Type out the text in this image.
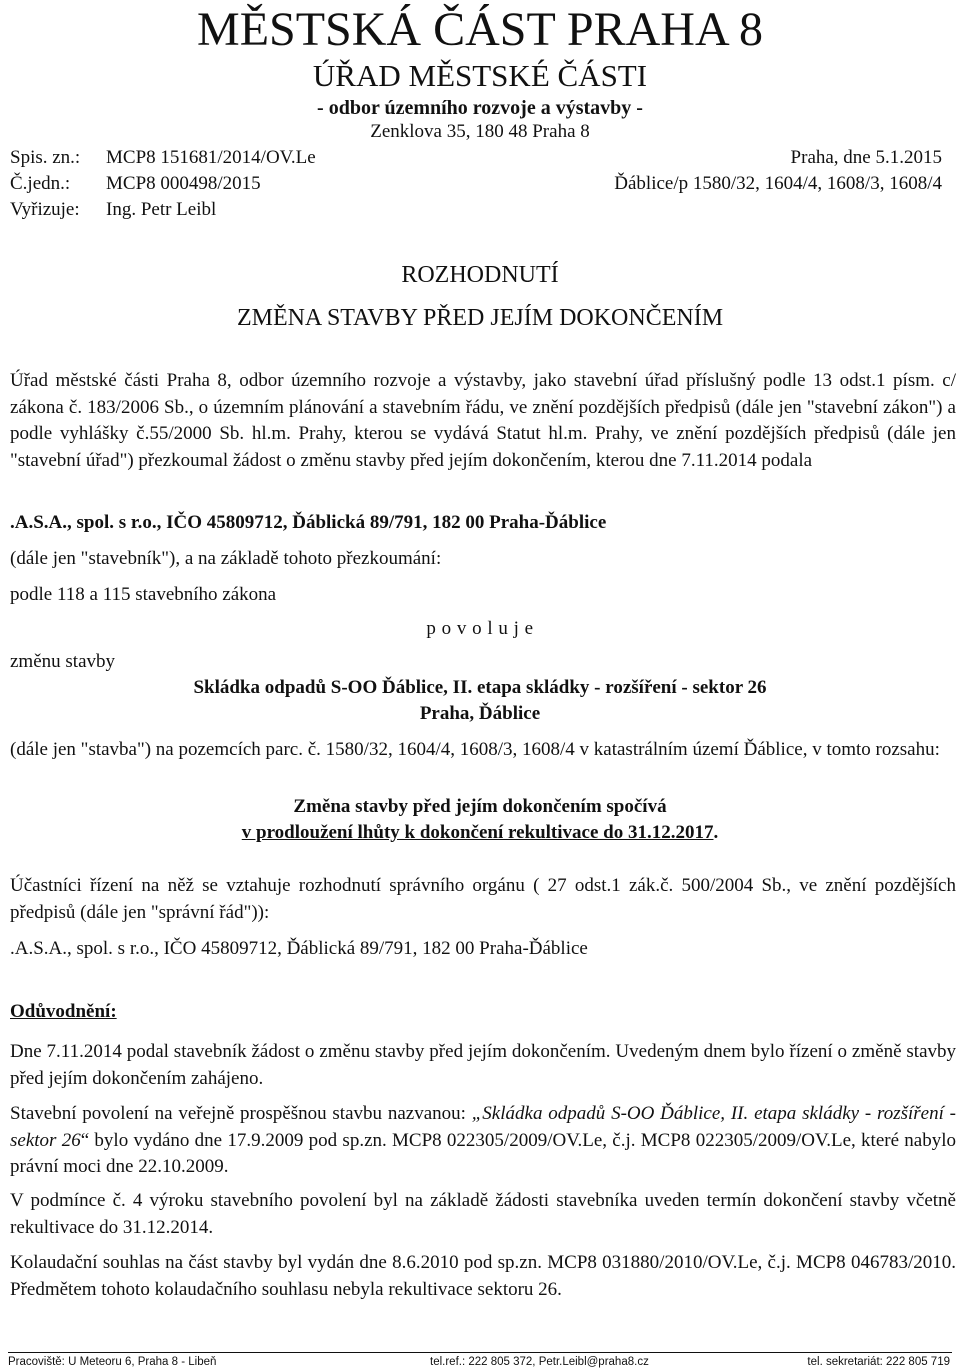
MĚSTSKÁ ČÁST PRAHA 8
ÚŘAD MĚSTSKÉ ČÁSTI
- odbor územního rozvoje a výstavby -
Zenklova 35, 180 48 Praha 8
Spis. zn.: MCP8 151681/2014/OV.Le	Praha, dne 5.1.2015
Č.jedn.: MCP8 000498/2015	Ďáblice/p 1580/32, 1604/4, 1608/3, 1608/4
Vyřizuje: Ing. Petr Leibl
ROZHODNUTÍ
ZMĚNA STAVBY PŘED JEJÍM DOKONČENÍM
Úřad městské části Praha 8, odbor územního rozvoje a výstavby, jako stavební úřad příslušný podle 13 odst.1 písm. c/ zákona č. 183/2006 Sb., o územním plánování a stavebním řádu, ve znění pozdějších předpisů (dále jen "stavební zákon") a podle vyhlášky č.55/2000 Sb. hl.m. Prahy, kterou se vydává Statut hl.m. Prahy, ve znění pozdějších předpisů (dále jen "stavební úřad") přezkoumal žádost o změnu stavby před jejím dokončením, kterou dne 7.11.2014 podala
.A.S.A., spol. s r.o., IČO 45809712, Ďáblická 89/791, 182 00 Praha-Ďáblice
(dále jen "stavebník"), a na základě tohoto přezkoumání:
podle 118 a 115 stavebního zákona
p o v o l u j e
změnu stavby
Skládka odpadů S-OO Ďáblice, II. etapa skládky - rozšíření - sektor 26
Praha, Ďáblice
(dále jen "stavba") na pozemcích parc. č. 1580/32, 1604/4, 1608/3, 1608/4 v katastrálním území Ďáblice, v tomto rozsahu:
Změna stavby před jejím dokončením spočívá
v prodloužení lhůty k dokončení rekultivace do 31.12.2017.
Účastníci řízení na něž se vztahuje rozhodnutí správního orgánu ( 27 odst.1 zák.č. 500/2004 Sb., ve znění pozdějších předpisů (dále jen "správní řád")):
.A.S.A., spol. s r.o., IČO 45809712, Ďáblická 89/791, 182 00 Praha-Ďáblice
Odůvodnění:
Dne 7.11.2014 podal stavebník žádost o změnu stavby před jejím dokončením. Uvedeným dnem bylo řízení o změně stavby před jejím dokončením zahájeno.
Stavební povolení na veřejně prospěšnou stavbu nazvanou: „Skládka odpadů S-OO Ďáblice, II. etapa skládky - rozšíření - sektor 26“ bylo vydáno dne 17.9.2009 pod sp.zn. MCP8 022305/2009/OV.Le, č.j. MCP8 022305/2009/OV.Le, které nabylo právní moci dne 22.10.2009.
V podmínce č. 4 výroku stavebního povolení byl na základě žádosti stavebníka uveden termín dokončení stavby včetně rekultivace do 31.12.2014.
Kolaudační souhlas na část stavby byl vydán dne 8.6.2010 pod sp.zn. MCP8 031880/2010/OV.Le, č.j. MCP8 046783/2010. Předmětem tohoto kolaudačního souhlasu nebyla rekultivace sektoru 26.
Pracoviště: U Meteoru 6, Praha 8 - Libeň	tel.ref.: 222 805 372, Petr.Leibl@praha8.cz	tel. sekretariát: 222 805 719
